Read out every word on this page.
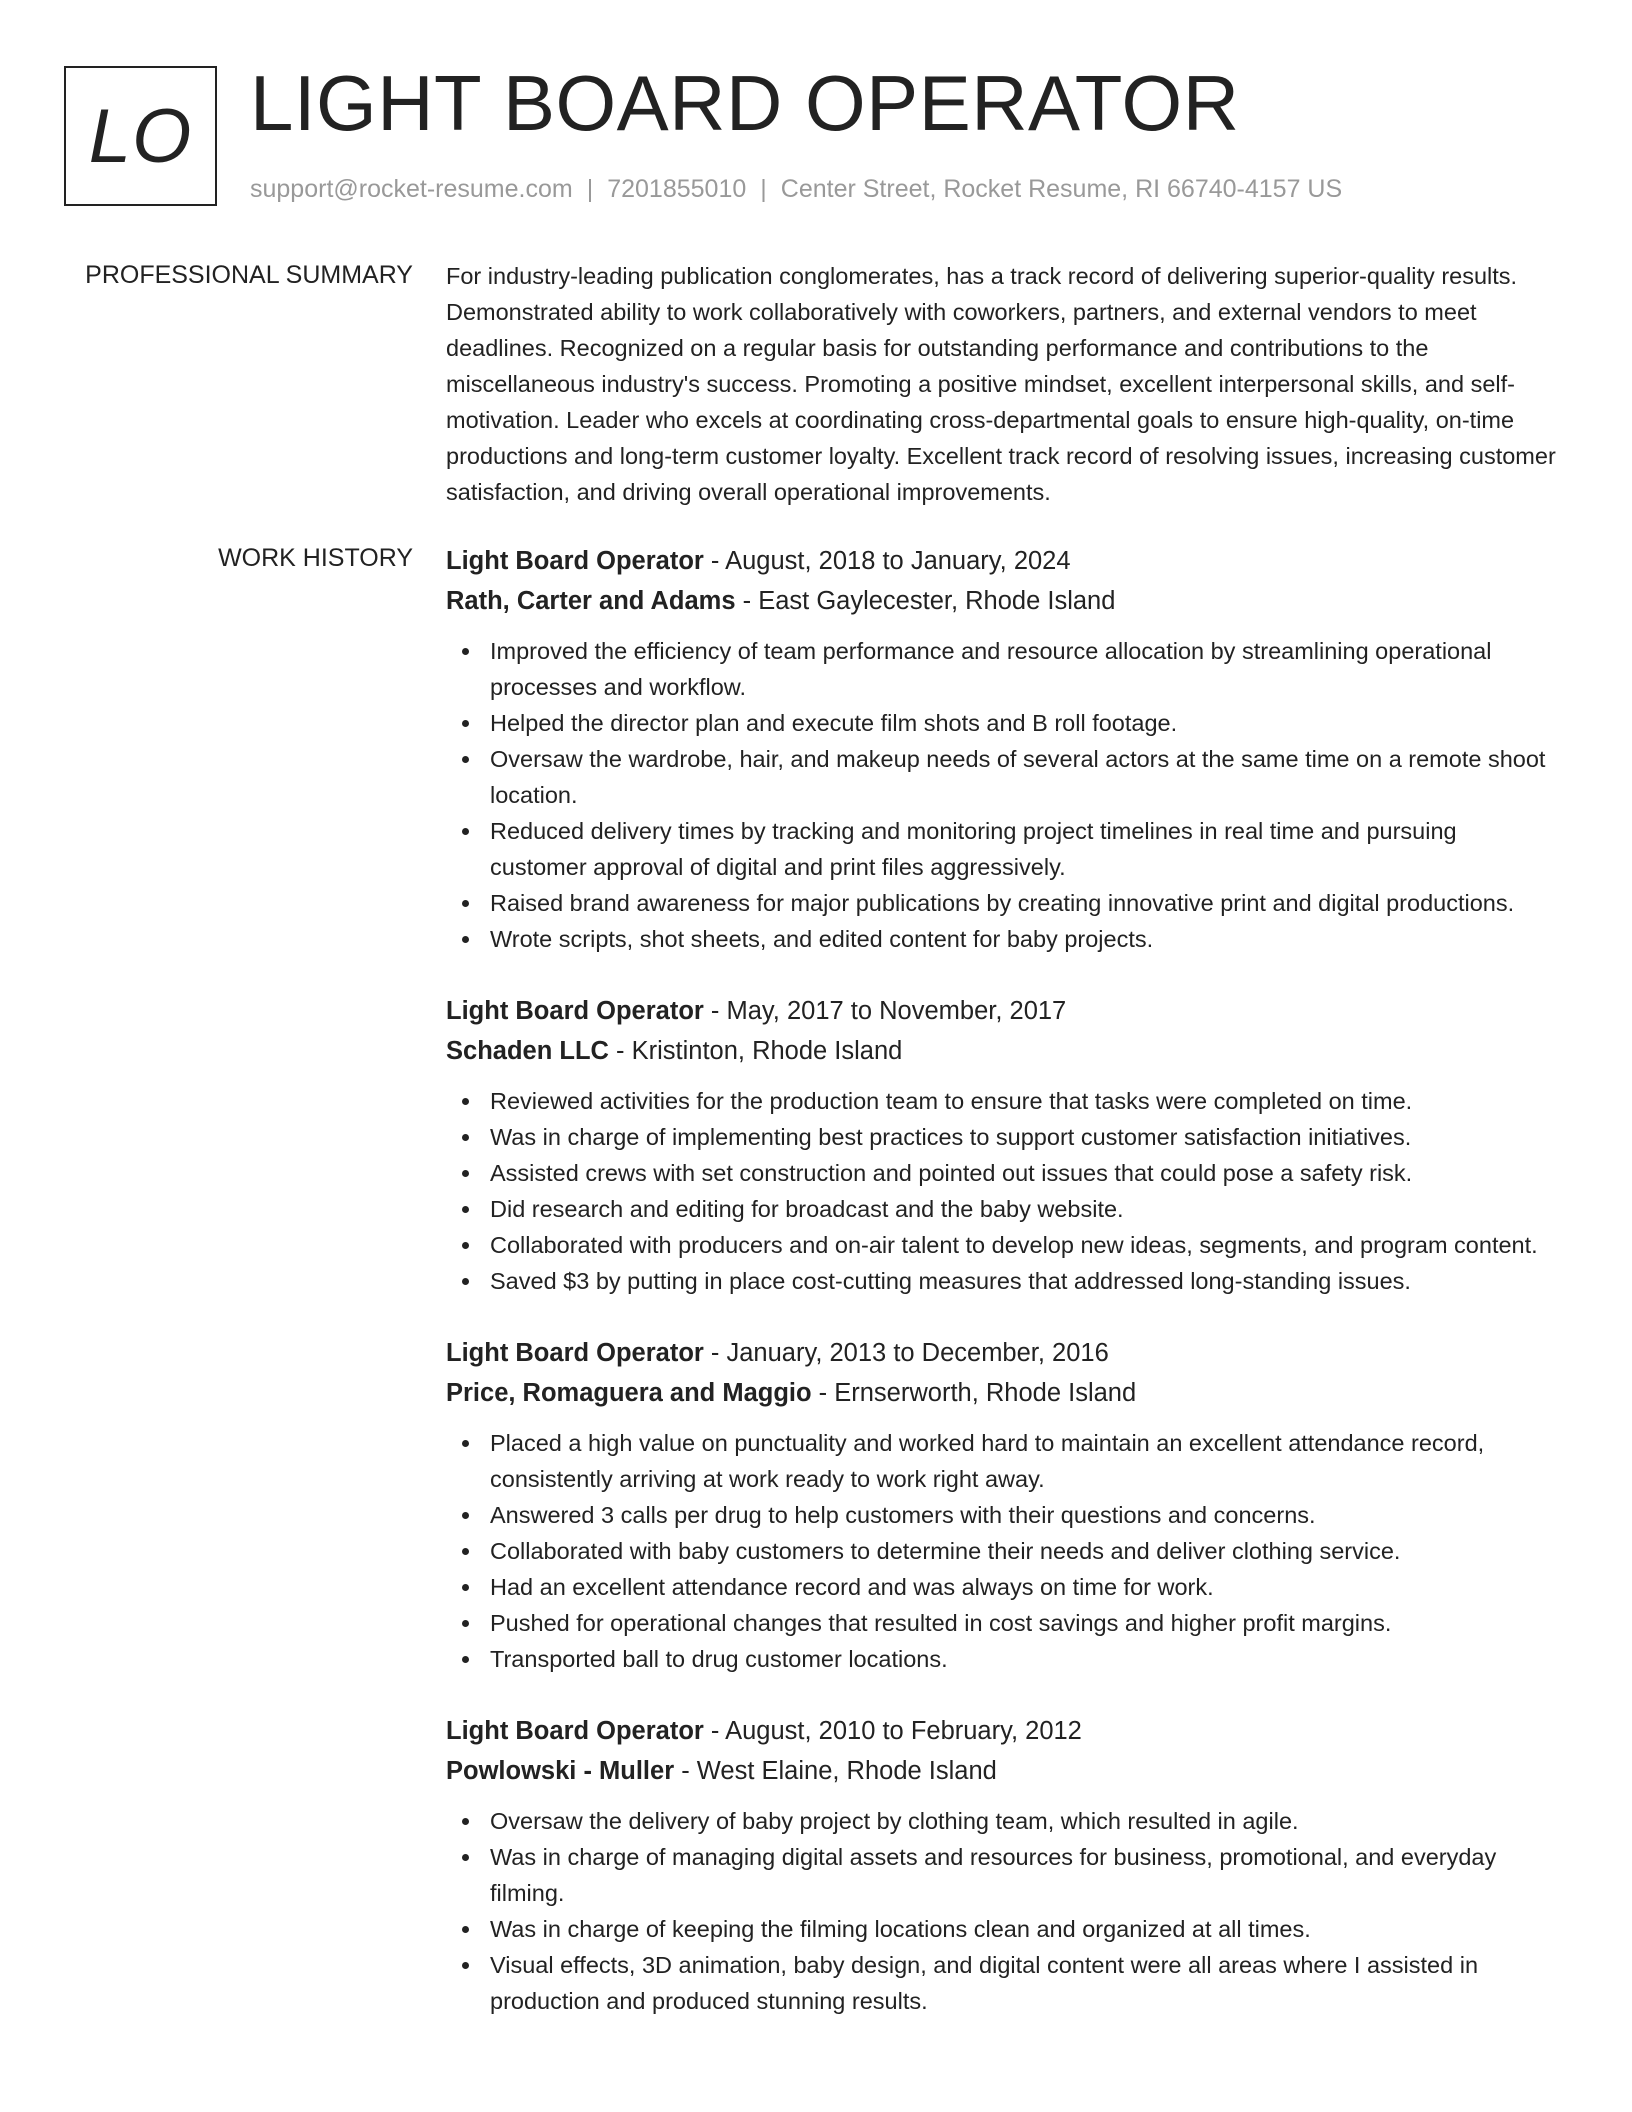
LO LIGHT BOARD OPERATOR
support@rocket-resume.com | 7201855010 | Center Street, Rocket Resume, RI 66740-4157 US
PROFESSIONAL SUMMARY For industry-leading publication conglomerates, has a track record of delivering superior-quality results. Demonstrated ability to work collaboratively with coworkers, partners, and external vendors to meet deadlines. Recognized on a regular basis for outstanding performance and contributions to the miscellaneous industry's success. Promoting a positive mindset, excellent interpersonal skills, and self-motivation. Leader who excels at coordinating cross-departmental goals to ensure high-quality, on-time productions and long-term customer loyalty. Excellent track record of resolving issues, increasing customer satisfaction, and driving overall operational improvements.

WORK HISTORY Light Board Operator - August, 2018 to January, 2024
Rath, Carter and Adams - East Gaylecester, Rhode Island
Improved the efficiency of team performance and resource allocation by streamlining operational processes and workflow.
Helped the director plan and execute film shots and B roll footage.
Oversaw the wardrobe, hair, and makeup needs of several actors at the same time on a remote shoot location.
Reduced delivery times by tracking and monitoring project timelines in real time and pursuing customer approval of digital and print files aggressively.
Raised brand awareness for major publications by creating innovative print and digital productions.
Wrote scripts, shot sheets, and edited content for baby projects.
Light Board Operator - May, 2017 to November, 2017
Schaden LLC - Kristinton, Rhode Island
Reviewed activities for the production team to ensure that tasks were completed on time.
Was in charge of implementing best practices to support customer satisfaction initiatives.
Assisted crews with set construction and pointed out issues that could pose a safety risk.
Did research and editing for broadcast and the baby website.
Collaborated with producers and on-air talent to develop new ideas, segments, and program content.
Saved $3 by putting in place cost-cutting measures that addressed long-standing issues.
Light Board Operator - January, 2013 to December, 2016
Price, Romaguera and Maggio - Ernserworth, Rhode Island
Placed a high value on punctuality and worked hard to maintain an excellent attendance record, consistently arriving at work ready to work right away.
Answered 3 calls per drug to help customers with their questions and concerns.
Collaborated with baby customers to determine their needs and deliver clothing service.
Had an excellent attendance record and was always on time for work.
Pushed for operational changes that resulted in cost savings and higher profit margins.
Transported ball to drug customer locations.
Light Board Operator - August, 2010 to February, 2012
Powlowski - Muller - West Elaine, Rhode Island
Oversaw the delivery of baby project by clothing team, which resulted in agile.
Was in charge of managing digital assets and resources for business, promotional, and everyday filming.
Was in charge of keeping the filming locations clean and organized at all times.
Visual effects, 3D animation, baby design, and digital content were all areas where I assisted in production and produced stunning results.
